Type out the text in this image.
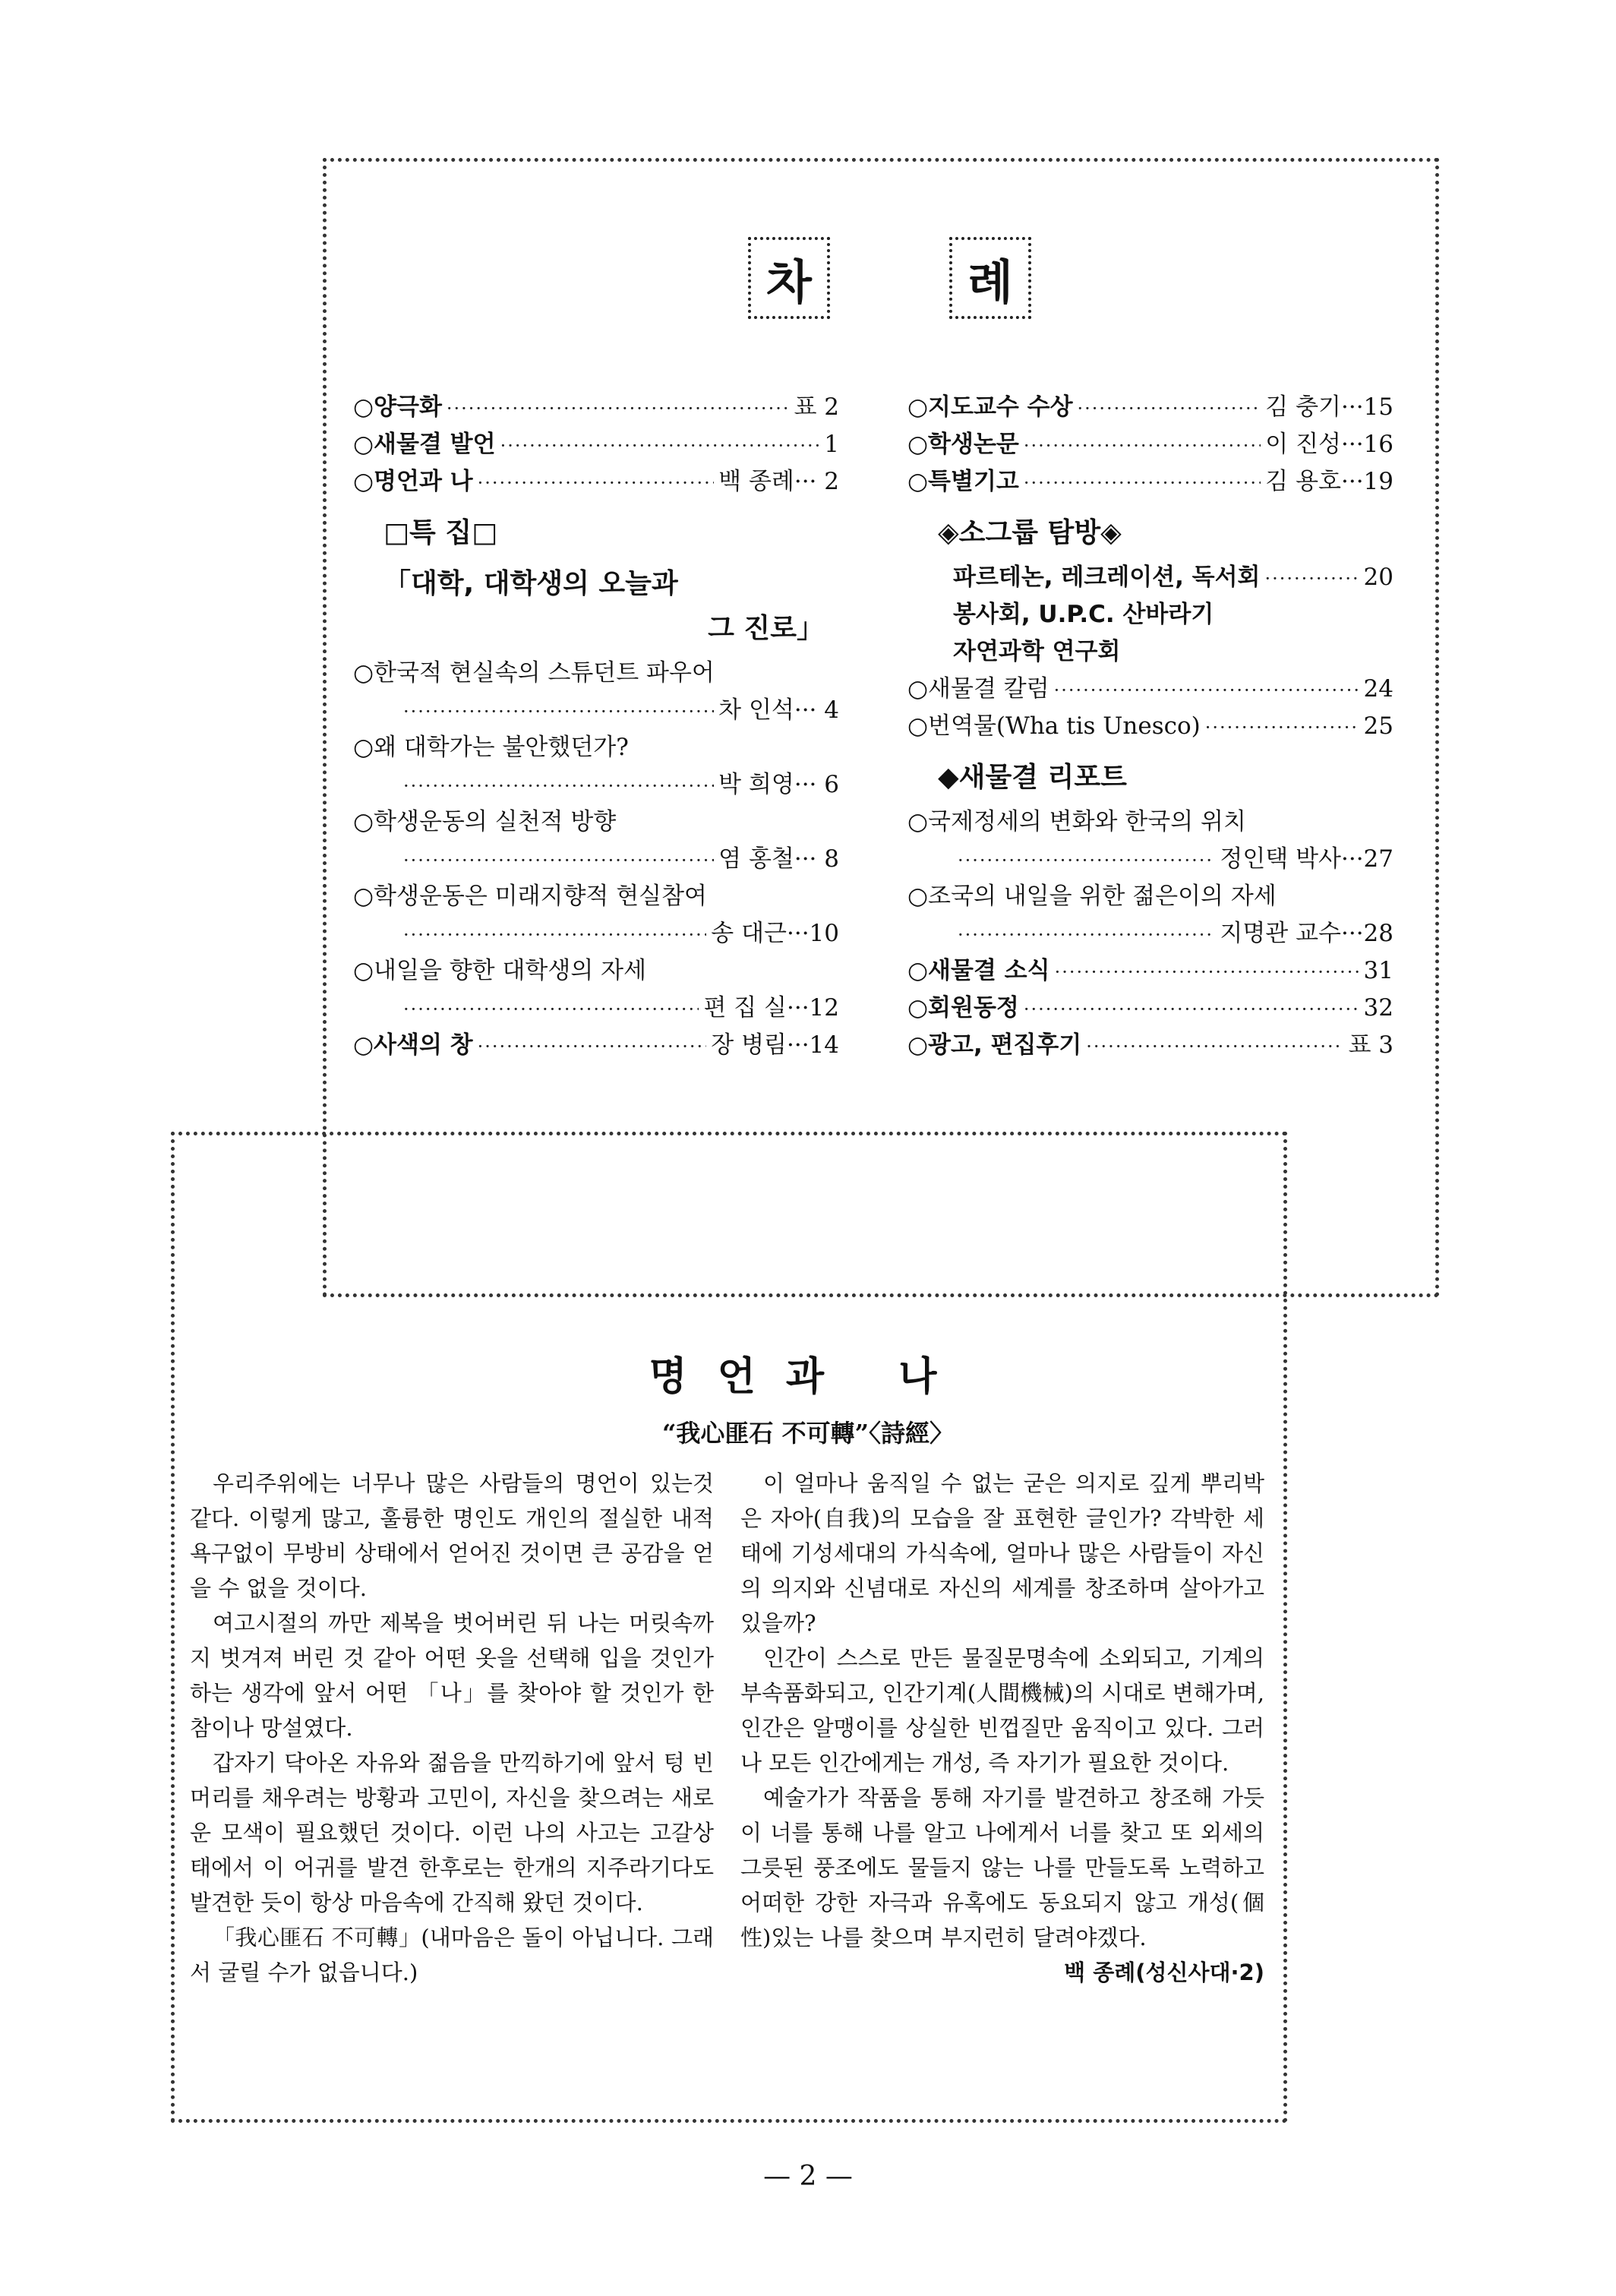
차	례
○양극화 ·····	표 2
○새물결 발언 ·····	1
○명언과 나 ·····	백 종례··· 2
□특 집□
「대학, 대학생의 오늘과
그 진로」
○한국적 현실속의 스튜던트 파우어
·····
차 인석··· 4
○왜 대학가는 불안했던가?
·····
박 희영··· 6
○학생운동의 실천적 방향
·····
염 홍철··· 8
○학생운동은 미래지향적 현실참여
·····
송 대근···10
○내일을 향한 대학생의 자세
·····
편 집 실···12
○사색의 창 ·····	장 병림···14
○지도교수 수상 ·····	김 충기···15
○학생논문 ·····	이 진성···16
○특별기고 ·····	김 용호···19
◈소그룹 탐방◈
파르테논, 레크레이션, 독서회 ·····	20
봉사회, U.P.C. 산바라기
자연과학 연구회
○새물결 칼럼 ·····	24
○번역물(Wha tis Unesco) ·····	25
◆새물결 리포트
○국제정세의 변화와 한국의 위치
·····
정인택 박사···27
○조국의 내일을 위한 젊은이의 자세
·····
지명관 교수···28
○새물결 소식 ·····	31
○회원동정 ·····	32
○광고, 편집후기 ·····	표 3
명언과 나
“我心匪石 不可轉”〈詩經〉

우리주위에는 너무나 많은 사람들의 명언이 있는것 같다. 이렇게 많고, 훌륭한 명인도 개인의 절실한 내적 욕구없이 무방비 상태에서 얻어진 것이면 큰 공감을 얻을 수 없을 것이다.

여고시절의 까만 제복을 벗어버린 뒤 나는 머릿속까지 벗겨져 버린 것 같아 어떤 옷을 선택해 입을 것인가 하는 생각에 앞서 어떤 「나」를 찾아야 할 것인가 한참이나 망설였다.

갑자기 닥아온 자유와 젊음을 만끽하기에 앞서 텅 빈 머리를 채우려는 방황과 고민이, 자신을 찾으려는 새로운 모색이 필요했던 것이다. 이런 나의 사고는 고갈상태에서 이 어귀를 발견 한후로는 한개의 지주라기다도 발견한 듯이 항상 마음속에 간직해 왔던 것이다.

「我心匪石 不可轉」(내마음은 돌이 아닙니다. 그래서 굴릴 수가 없읍니다.)

이 얼마나 움직일 수 없는 굳은 의지로 깊게 뿌리박은 자아(自我)의 모습을 잘 표현한 글인가? 각박한 세태에 기성세대의 가식속에, 얼마나 많은 사람들이 자신의 의지와 신념대로 자신의 세계를 창조하며 살아가고 있을까?

인간이 스스로 만든 물질문명속에 소외되고, 기계의 부속품화되고, 인간기계(人間機械)의 시대로 변해가며, 인간은 알맹이를 상실한 빈껍질만 움직이고 있다. 그러나 모든 인간에게는 개성, 즉 자기가 필요한 것이다.

예술가가 작품을 통해 자기를 발견하고 창조해 가듯이 너를 통해 나를 알고 나에게서 너를 찾고 또 외세의 그릇된 풍조에도 물들지 않는 나를 만들도록 노력하고 어떠한 강한 자극과 유혹에도 동요되지 않고 개성(個性)있는 나를 찾으며 부지런히 달려야겠다.

백 종례(성신사대·2)
— 2 —
